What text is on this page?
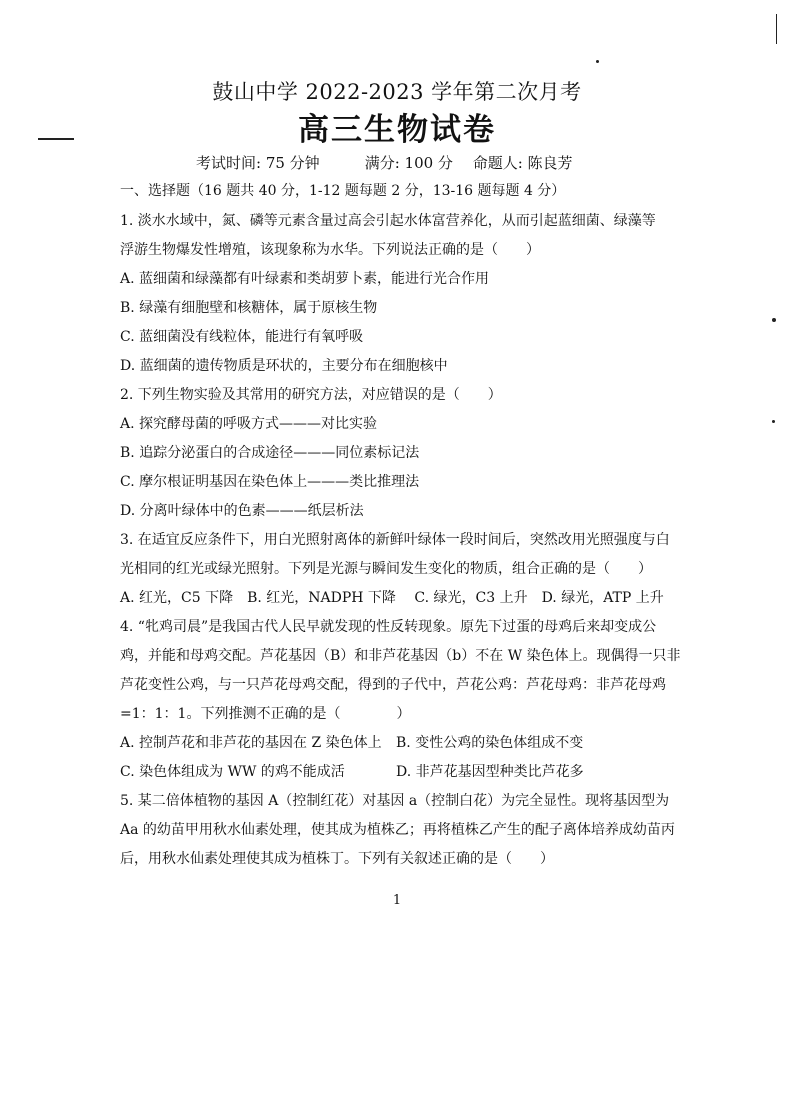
鼓山中学 2022-2023 学年第二次月考
高三生物试卷
考试时间: 75 分钟　　　	满分: 100 分　 命题人: 陈良芳
一、选择题（16 题共 40 分，1-12 题每题 2 分，13-16 题每题 4 分）
1. 淡水水域中，氮、磷等元素含量过高会引起水体富营养化，从而引起蓝细菌、绿藻等
浮游生物爆发性增殖，该现象称为水华。下列说法正确的是（　　）
A. 蓝细菌和绿藻都有叶绿素和类胡萝卜素，能进行光合作用
B. 绿藻有细胞壁和核糖体，属于原核生物
C. 蓝细菌没有线粒体，能进行有氧呼吸
D. 蓝细菌的遗传物质是环状的，主要分布在细胞核中
2. 下列生物实验及其常用的研究方法，对应错误的是（　　）
A. 探究酵母菌的呼吸方式———对比实验
B. 追踪分泌蛋白的合成途径———同位素标记法
C. 摩尔根证明基因在染色体上———类比推理法
D. 分离叶绿体中的色素———纸层析法
3. 在适宜反应条件下，用白光照射离体的新鲜叶绿体一段时间后，突然改用光照强度与白
光相同的红光或绿光照射。下列是光源与瞬间发生变化的物质，组合正确的是（　　）
A. 红光，C5 下降　B. 红光，NADPH 下降　 C. 绿光，C3 上升　D. 绿光，ATP 上升
4. “牝鸡司晨”是我国古代人民早就发现的性反转现象。原先下过蛋的母鸡后来却变成公
鸡，并能和母鸡交配。芦花基因（B）和非芦花基因（b）不在 W 染色体上。现偶得一只非
芦花变性公鸡，与一只芦花母鸡交配，得到的子代中，芦花公鸡：芦花母鸡：非芦花母鸡
=1：1：1。下列推测不正确的是（　　　　）
A. 控制芦花和非芦花的基因在 Z 染色体上 B. 变性公鸡的染色体组成不变
C. 染色体组成为 WW 的鸡不能成活	D. 非芦花基因型种类比芦花多
5. 某二倍体植物的基因 A（控制红花）对基因 a（控制白花）为完全显性。现将基因型为
Aa 的幼苗甲用秋水仙素处理，使其成为植株乙；再将植株乙产生的配子离体培养成幼苗丙
后，用秋水仙素处理使其成为植株丁。下列有关叙述正确的是（　　）
1
